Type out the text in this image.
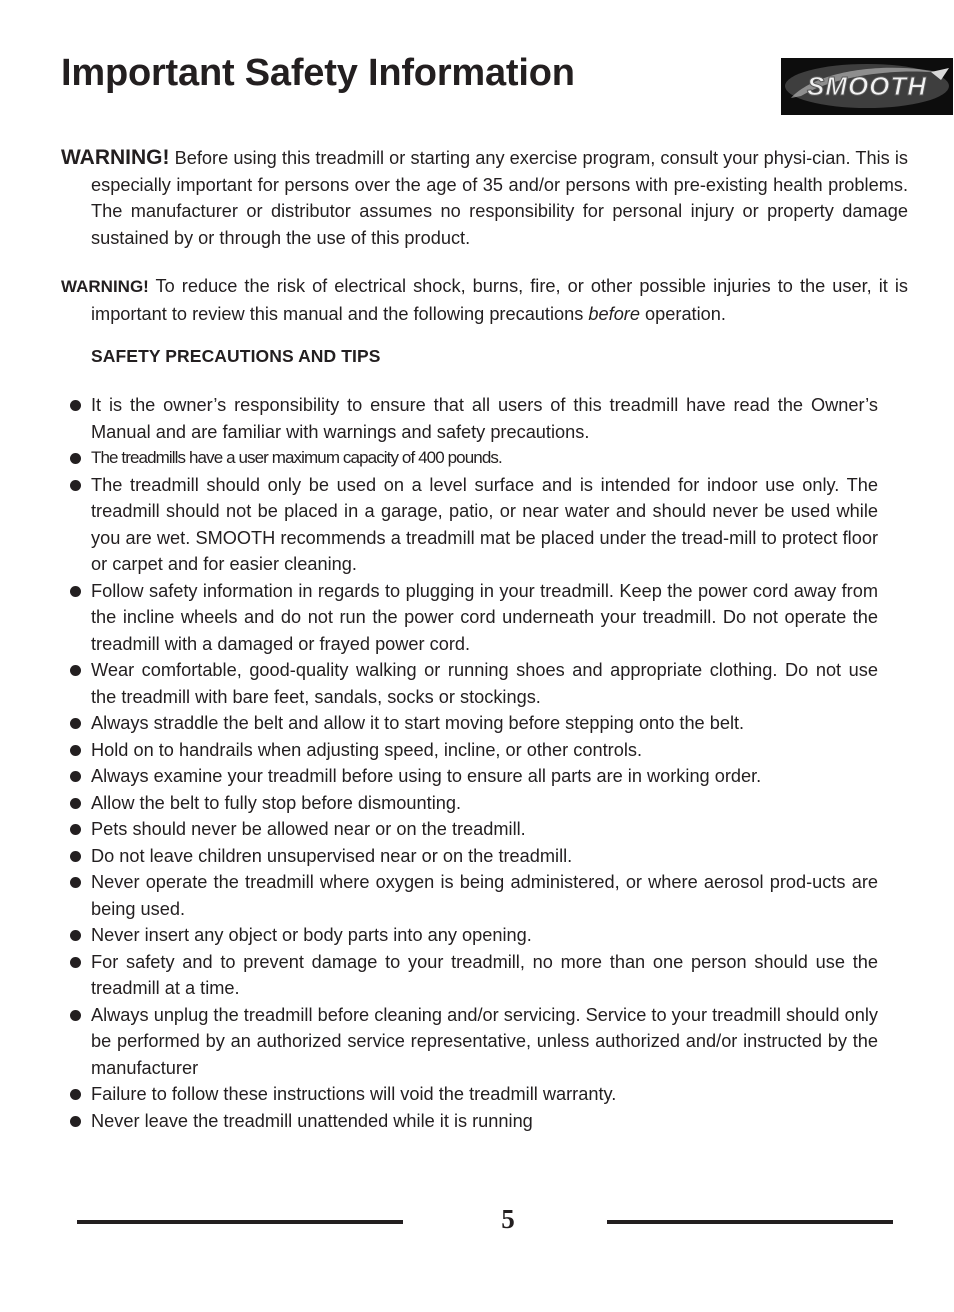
Important Safety Information	SMOOTH

WARNING! Before using this treadmill or starting any exercise program, consult your physi-cian. This is especially important for persons over the age of 35 and/or persons with pre-existing health problems. The manufacturer or distributor assumes no responsibility for personal injury or property damage sustained by or through the use of this product.

WARNING! To reduce the risk of electrical shock, burns, fire, or other possible injuries to the user, it is important to review this manual and the following precautions before operation.

SAFETY PRECAUTIONS AND TIPS
It is the owner’s responsibility to ensure that all users of this treadmill have read the Owner’s Manual and are familiar with warnings and safety precautions.
The treadmills have a user maximum capacity of 400 pounds.
The treadmill should only be used on a level surface and is intended for indoor use only. The treadmill should not be placed in a garage, patio, or near water and should never be used while you are wet. SMOOTH recommends a treadmill mat be placed under the tread-mill to protect floor or carpet and for easier cleaning.
Follow safety information in regards to plugging in your treadmill. Keep the power cord away from the incline wheels and do not run the power cord underneath your treadmill. Do not operate the treadmill with a damaged or frayed power cord.
Wear comfortable, good-quality walking or running shoes and appropriate clothing. Do not use the treadmill with bare feet, sandals, socks or stockings.
Always straddle the belt and allow it to start moving before stepping onto the belt.
Hold on to handrails when adjusting speed, incline, or other controls.
Always examine your treadmill before using to ensure all parts are in working order.
Allow the belt to fully stop before dismounting.
Pets should never be allowed near or on the treadmill.
Do not leave children unsupervised near or on the treadmill.
Never operate the treadmill where oxygen is being administered, or where aerosol prod-ucts are being used.
Never insert any object or body parts into any opening.
For safety and to prevent damage to your treadmill, no more than one person should use the treadmill at a time.
Always unplug the treadmill before cleaning and/or servicing. Service to your treadmill should only be performed by an authorized service representative, unless authorized and/or instructed by the manufacturer
Failure to follow these instructions will void the treadmill warranty.
Never leave the treadmill unattended while it is running
5
